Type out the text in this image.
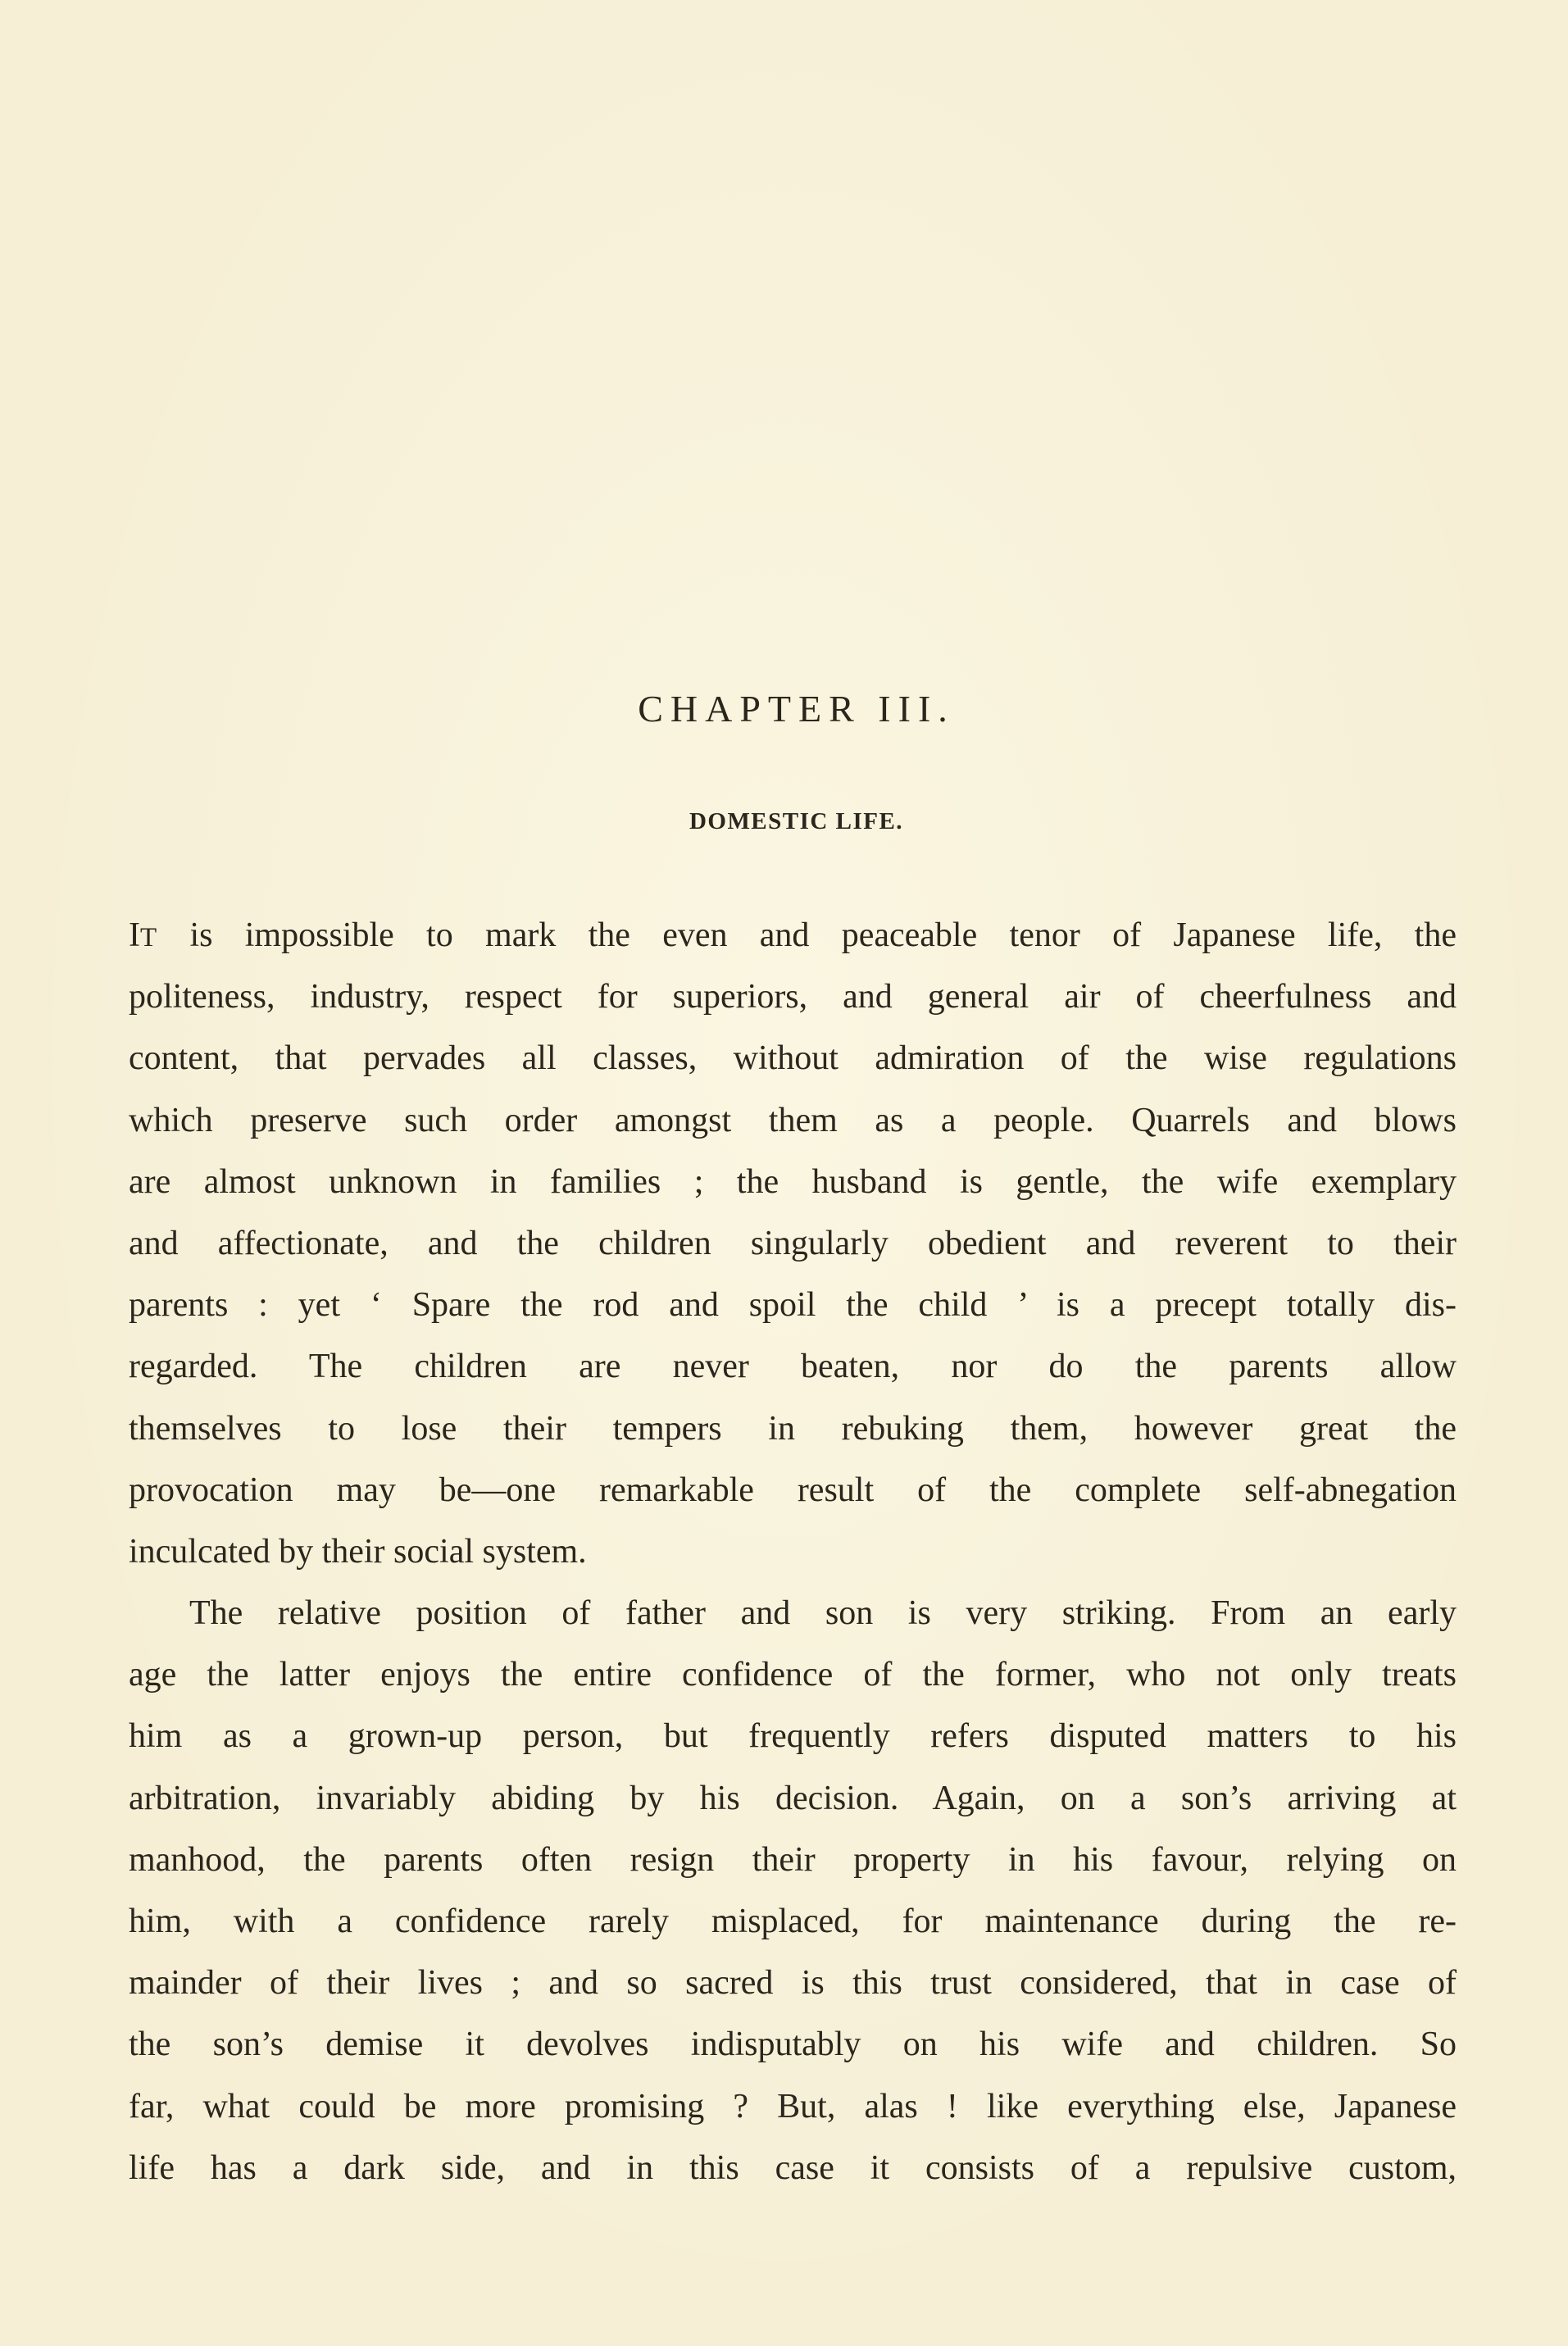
CHAPTER III.
DOMESTIC LIFE.
IT is impossible to mark the even and peaceable tenor of Japanese life, the
politeness, industry, respect for superiors, and general air of cheerfulness and
content, that pervades all classes, without admiration of the wise regulations
which preserve such order amongst them as a people. Quarrels and blows
are almost unknown in families ; the husband is gentle, the wife exemplary
and affectionate, and the children singularly obedient and reverent to their
parents : yet ‘ Spare the rod and spoil the child ’ is a precept totally dis-
regarded. The children are never beaten, nor do the parents allow
themselves to lose their tempers in rebuking them, however great the
provocation may be—one remarkable result of the complete self-abnegation
inculcated by their social system.
The relative position of father and son is very striking. From an early
age the latter enjoys the entire confidence of the former, who not only treats
him as a grown-up person, but frequently refers disputed matters to his
arbitration, invariably abiding by his decision. Again, on a son’s arriving at
manhood, the parents often resign their property in his favour, relying on
him, with a confidence rarely misplaced, for maintenance during the re-
mainder of their lives ; and so sacred is this trust considered, that in case of
the son’s demise it devolves indisputably on his wife and children. So
far, what could be more promising ? But, alas ! like everything else, Japanese
life has a dark side, and in this case it consists of a repulsive custom,
